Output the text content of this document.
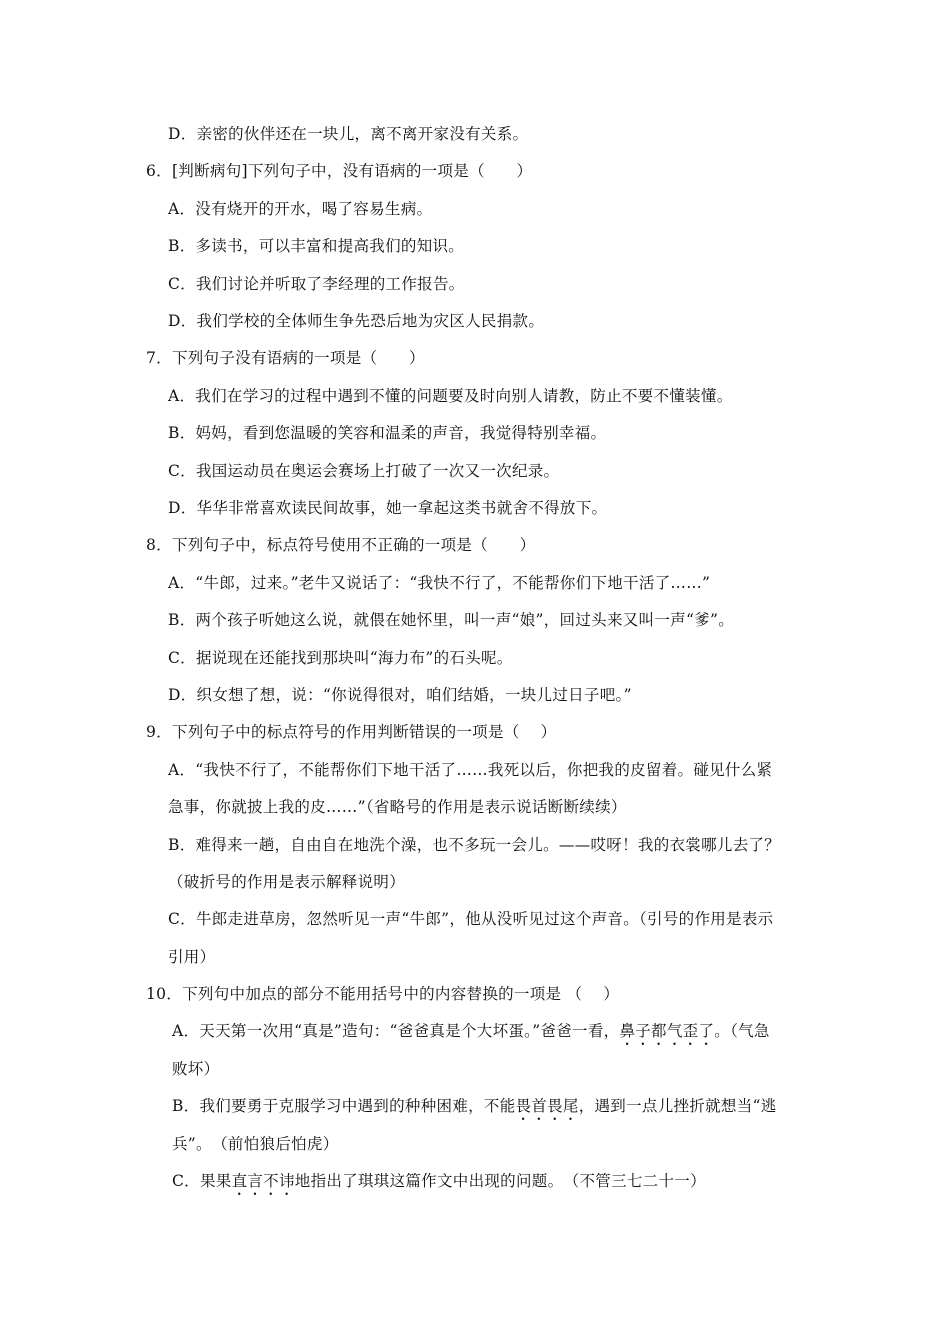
D．亲密的伙伴还在一块儿，离不离开家没有关系。
6．[判断病句]下列句子中，没有语病的一项是（　　）
A．没有烧开的开水，喝了容易生病。
B．多读书，可以丰富和提高我们的知识。
C．我们讨论并听取了李经理的工作报告。
D．我们学校的全体师生争先恐后地为灾区人民捐款。
7．下列句子没有语病的一项是（　　）
A．我们在学习的过程中遇到不懂的问题要及时向别人请教，防止不要不懂装懂。
B．妈妈，看到您温暖的笑容和温柔的声音，我觉得特别幸福。
C．我国运动员在奥运会赛场上打破了一次又一次纪录。
D．华华非常喜欢读民间故事，她一拿起这类书就舍不得放下。
8．下列句子中，标点符号使用不正确的一项是（　　）
A．“牛郎，过来。”老牛又说话了：“我快不行了，不能帮你们下地干活了……”
B．两个孩子听她这么说，就偎在她怀里，叫一声“娘”，回过头来又叫一声“爹”。
C．据说现在还能找到那块叫“海力布”的石头呢。
D．织女想了想，说：“你说得很对，咱们结婚，一块儿过日子吧。”
9．下列句子中的标点符号的作用判断错误的一项是（　 ）
A．“我快不行了，不能帮你们下地干活了……我死以后，你把我的皮留着。碰见什么紧
急事，你就披上我的皮……”（省略号的作用是表示说话断断续续）
B．难得来一趟，自由自在地洗个澡，也不多玩一会儿。——哎呀！我的衣裳哪儿去了？
（破折号的作用是表示解释说明）
C．牛郎走进草房，忽然听见一声“牛郎”，他从没听见过这个声音。（引号的作用是表示
引用）
10．下列句中加点的部分不能用括号中的内容替换的一项是 （　 ）
A．天天第一次用“真是”造句：“爸爸真是个大坏蛋。”爸爸一看，鼻子都气歪了。（气急
败坏）
B．我们要勇于克服学习中遇到的种种困难，不能畏首畏尾，遇到一点儿挫折就想当“逃
兵”。　（前怕狼后怕虎）
C．果果直言不讳地指出了琪琪这篇作文中出现的问题。　（不管三七二十一）
